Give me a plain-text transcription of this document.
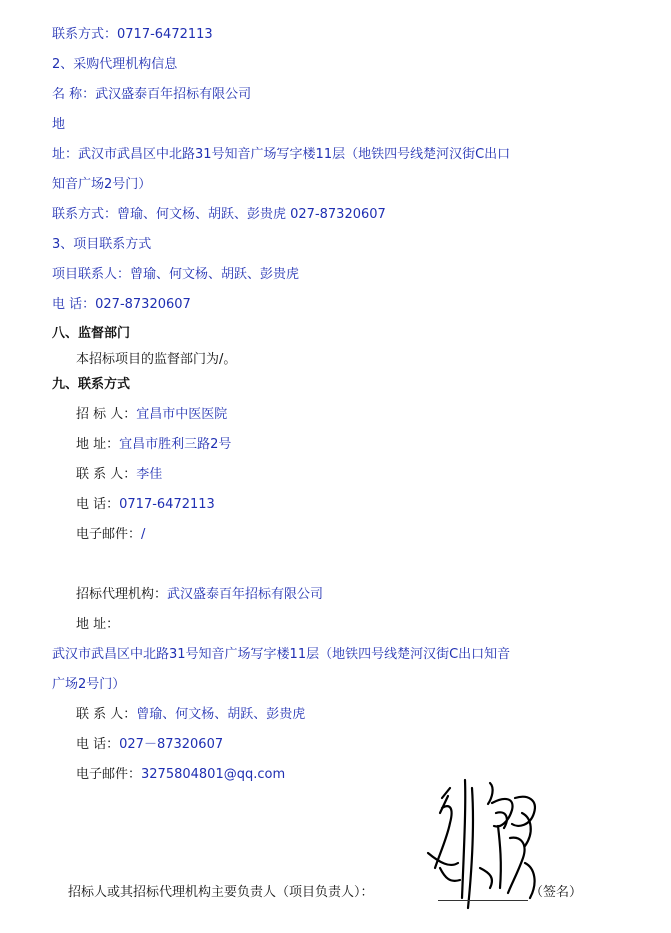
联系方式：0717-6472113
2、采购代理机构信息
名 称：武汉盛泰百年招标有限公司
地
址：武汉市武昌区中北路31号知音广场写字楼11层（地铁四号线楚河汉街C出口
知音广场2号门）
联系方式：曾瑜、何文杨、胡跃、彭贵虎 027-87320607
3、项目联系方式
项目联系人：曾瑜、何文杨、胡跃、彭贵虎
电 话：027-87320607
八、监督部门
本招标项目的监督部门为/。
九、联系方式
招 标 人：宜昌市中医医院
地 址：宜昌市胜利三路2号
联 系 人：李佳
电 话：0717-6472113
电子邮件：/
招标代理机构：武汉盛泰百年招标有限公司
地 址：
武汉市武昌区中北路31号知音广场写字楼11层（地铁四号线楚河汉街C出口知音
广场2号门）
联 系 人：曾瑜、何文杨、胡跃、彭贵虎
电 话：027－87320607
电子邮件：3275804801@qq.com
招标人或其招标代理机构主要负责人（项目负责人）：	（签名）
